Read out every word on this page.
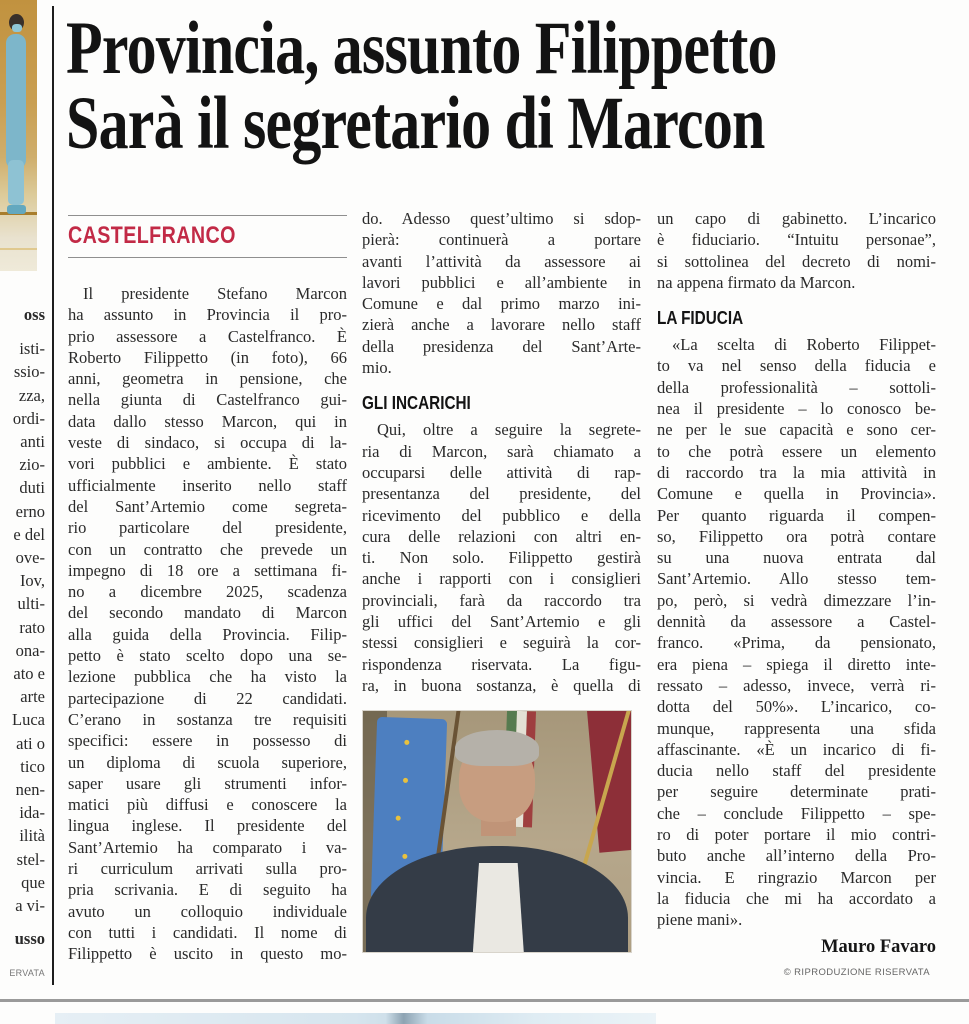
oss
isti-
ssio-
zza,
ordi-
anti
zio-
duti
erno
e del
ove-
Iov,
ulti-
rato
ona-
ato e
arte
Luca
ati o
tico
nen-
ida-
ilità
stel-
que
a vi-
usso
ERVATA
Provincia, assunto Filippetto
Sarà il segretario di Marcon
CASTELFRANCO
Il presidente Stefano Marcon
ha assunto in Provincia il pro-
prio assessore a Castelfranco. È
Roberto Filippetto (in foto), 66
anni, geometra in pensione, che
nella giunta di Castelfranco gui-
data dallo stesso Marcon, qui in
veste di sindaco, si occupa di la-
vori pubblici e ambiente. È stato
ufficialmente inserito nello staff
del Sant’Artemio come segreta-
rio particolare del presidente,
con un contratto che prevede un
impegno di 18 ore a settimana fi-
no a dicembre 2025, scadenza
del secondo mandato di Marcon
alla guida della Provincia. Filip-
petto è stato scelto dopo una se-
lezione pubblica che ha visto la
partecipazione di 22 candidati.
C’erano in sostanza tre requisiti
specifici: essere in possesso di
un diploma di scuola superiore,
saper usare gli strumenti infor-
matici più diffusi e conoscere la
lingua inglese. Il presidente del
Sant’Artemio ha comparato i va-
ri curriculum arrivati sulla pro-
pria scrivania. E di seguito ha
avuto un colloquio individuale
con tutti i candidati. Il nome di
Filippetto è uscito in questo mo-
do. Adesso quest’ultimo si sdop-
pierà: continuerà a portare
avanti l’attività da assessore ai
lavori pubblici e all’ambiente in
Comune e dal primo marzo ini-
zierà anche a lavorare nello staff
della presidenza del Sant’Arte-
mio.
GLI INCARICHI
Qui, oltre a seguire la segrete-
ria di Marcon, sarà chiamato a
occuparsi delle attività di rap-
presentanza del presidente, del
ricevimento del pubblico e della
cura delle relazioni con altri en-
ti. Non solo. Filippetto gestirà
anche i rapporti con i consiglieri
provinciali, farà da raccordo tra
gli uffici del Sant’Artemio e gli
stessi consiglieri e seguirà la cor-
rispondenza riservata. La figu-
ra, in buona sostanza, è quella di
un capo di gabinetto. L’incarico
è fiduciario. “Intuitu personae”,
si sottolinea del decreto di nomi-
na appena firmato da Marcon.
LA FIDUCIA
«La scelta di Roberto Filippet-
to va nel senso della fiducia e
della professionalità – sottoli-
nea il presidente – lo conosco be-
ne per le sue capacità e sono cer-
to che potrà essere un elemento
di raccordo tra la mia attività in
Comune e quella in Provincia».
Per quanto riguarda il compen-
so, Filippetto ora potrà contare
su una nuova entrata dal
Sant’Artemio. Allo stesso tem-
po, però, si vedrà dimezzare l’in-
dennità da assessore a Castel-
franco. «Prima, da pensionato,
era piena – spiega il diretto inte-
ressato – adesso, invece, verrà ri-
dotta del 50%». L’incarico, co-
munque, rappresenta una sfida
affascinante. «È un incarico di fi-
ducia nello staff del presidente
per seguire determinate prati-
che – conclude Filippetto – spe-
ro di poter portare il mio contri-
buto anche all’interno della Pro-
vincia. E ringrazio Marcon per
la fiducia che mi ha accordato a
piene mani».
Mauro Favaro
© RIPRODUZIONE RISERVATA
